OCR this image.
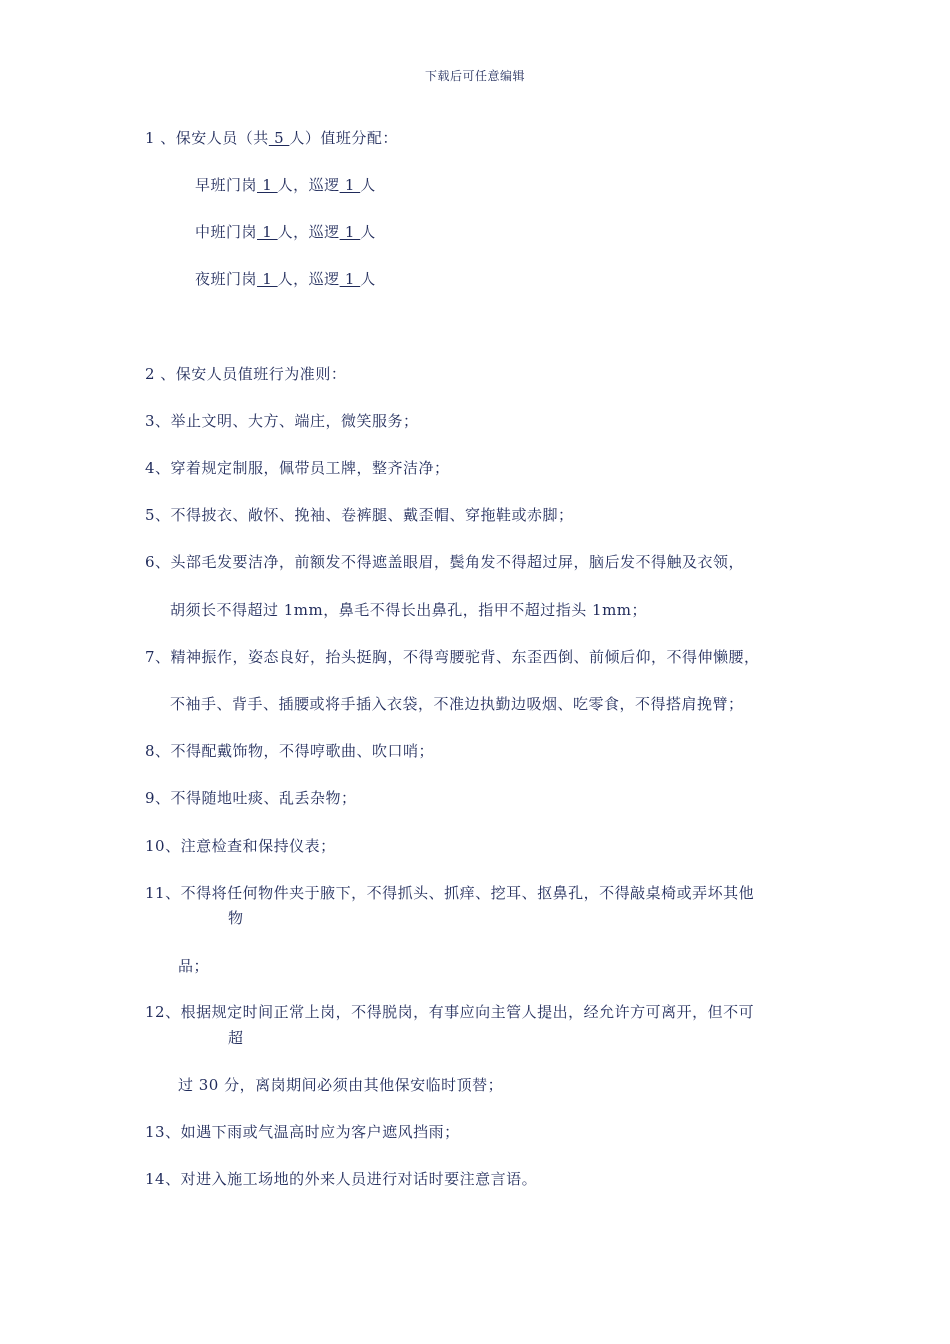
下载后可任意编辑
1 、保安人员（共 5 人）值班分配：
早班门岗 1 人，巡逻 1 人
中班门岗 1 人，巡逻 1 人
夜班门岗 1 人，巡逻 1 人
2 、保安人员值班行为准则：
3、举止文明、大方、端庄，微笑服务；
4、穿着规定制服，佩带员工牌，整齐洁净；
5、不得披衣、敞怀、挽袖、卷裤腿、戴歪帽、穿拖鞋或赤脚；
6、头部毛发要洁净，前额发不得遮盖眼眉，鬓角发不得超过屏，脑后发不得触及衣领，
胡须长不得超过 1mm，鼻毛不得长出鼻孔，指甲不超过指头 1mm；
7、精神振作，姿态良好，抬头挺胸，不得弯腰驼背、东歪西倒、前倾后仰，不得伸懒腰，
不袖手、背手、插腰或将手插入衣袋，不准边执勤边吸烟、吃零食，不得搭肩挽臂；
8、不得配戴饰物，不得哼歌曲、吹口哨；
9、不得随地吐痰、乱丢杂物；
10、注意检查和保持仪表；
11、不得将任何物件夹于腋下，不得抓头、抓痒、挖耳、抠鼻孔，不得敲桌椅或弄坏其他
物
品；
12、根据规定时间正常上岗，不得脱岗，有事应向主管人提出，经允许方可离开，但不可
超
过 30 分，离岗期间必须由其他保安临时顶替；
13、如遇下雨或气温高时应为客户遮风挡雨；
14、对进入施工场地的外来人员进行对话时要注意言语。
